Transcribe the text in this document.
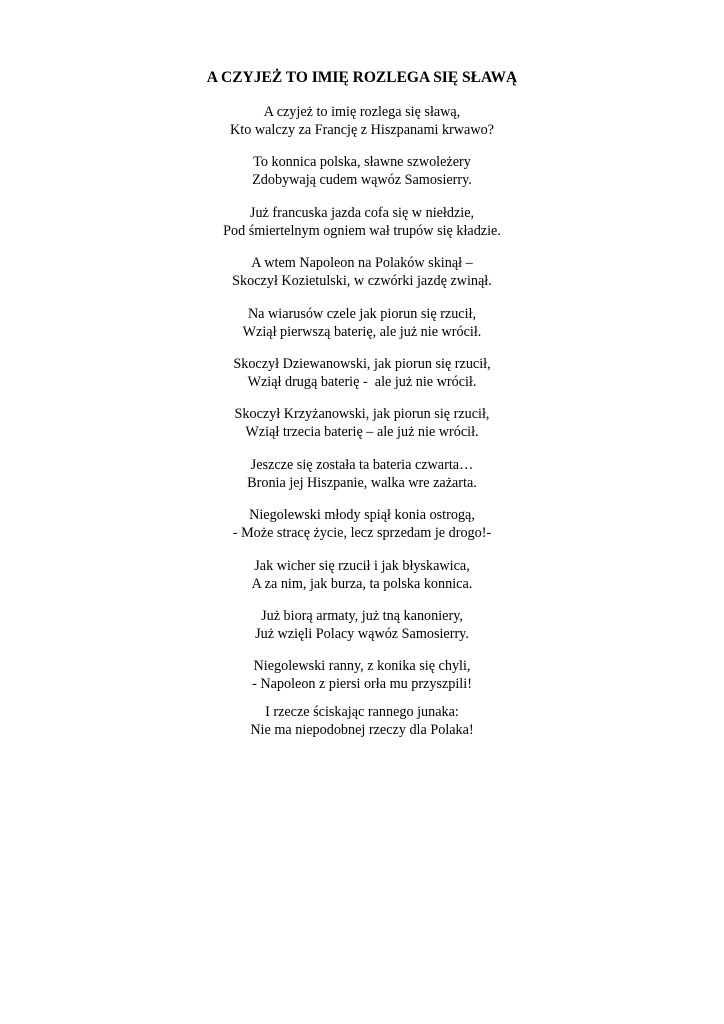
A CZYJEŻ TO IMIĘ ROZLEGA SIĘ SŁAWĄ
A czyjeż to imię rozlega się sławą,
Kto walczy za Francję z Hiszpanami krwawo?
To konnica polska, sławne szwoleżery
Zdobywają cudem wąwóz Samosierry.
Już francuska jazda cofa się w niełdzie,
Pod śmiertelnym ogniem wał trupów się kładzie.
A wtem Napoleon na Polaków skinął –
Skoczył Kozietulski, w czwórki jazdę zwinął.
Na wiarusów czele jak piorun się rzucił,
Wziął pierwszą baterię, ale już nie wrócił.
Skoczył Dziewanowski, jak piorun się rzucił,
Wziął drugą baterię -  ale już nie wrócił.
Skoczył Krzyżanowski, jak piorun się rzucił,
Wziął trzecia baterię – ale już nie wrócił.
Jeszcze się została ta bateria czwarta…
Bronia jej Hiszpanie, walka wre zażarta.
Niegolewski młody spiął konia ostrogą,
- Może stracę życie, lecz sprzedam je drogo!-
Jak wicher się rzucił i jak błyskawica,
A za nim, jak burza, ta polska konnica.
Już biorą armaty, już tną kanoniery,
Już wzięli Polacy wąwóz Samosierry.
Niegolewski ranny, z konika się chyli,
- Napoleon z piersi orła mu przyszpili!
I rzecze ściskając rannego junaka:
Nie ma niepodobnej rzeczy dla Polaka!
